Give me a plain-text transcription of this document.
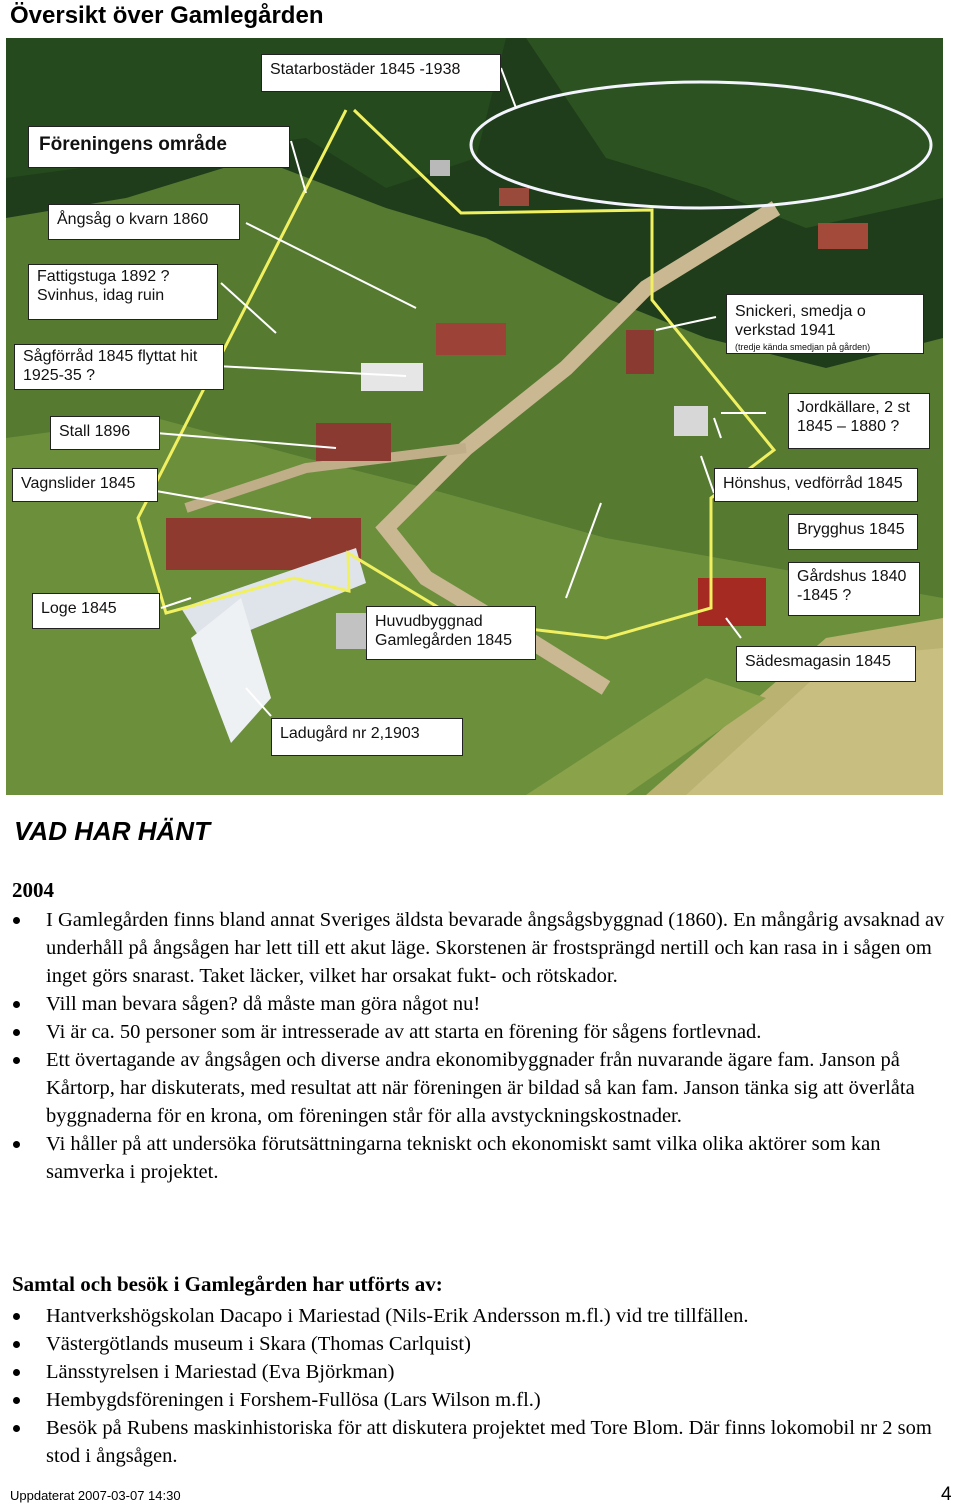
Översikt över Gamlegården
Statarbostäder 1845 -1938
Föreningens område
Ångsåg o kvarn 1860
Fattigstuga 1892 ?
Svinhus, idag ruin
Sågförråd 1845 flyttat hit
1925-35 ?
Stall 1896
Vagnslider 1845
Loge 1845
Huvudbyggnad
Gamlegården 1845
Ladugård nr 2,1903
Snickeri, smedja o
verkstad 1941
(tredje kända smedjan på gården)
Jordkällare, 2 st
1845 – 1880 ?
Hönshus, vedförråd 1845
Brygghus 1845
Gårdshus 1840
-1845 ?
Sädesmagasin 1845
VAD HAR HÄNT
2004
I Gamlegården finns bland annat Sveriges äldsta bevarade ångsågsbyggnad (1860). En mångårig avsaknad av underhåll på ångsågen har lett till ett akut läge. Skorstenen är frostsprängd nertill och kan rasa in i sågen om inget görs snarast. Taket läcker, vilket har orsakat fukt- och rötskador.
Vill man bevara sågen? då måste man göra något nu!
Vi är ca. 50 personer som är intresserade av att starta en förening för sågens fortlevnad.
Ett övertagande av ångsågen och diverse andra ekonomibyggnader från nuvarande ägare fam. Janson på Kårtorp, har diskuterats, med resultat att när föreningen är bildad så kan fam. Janson tänka sig att överlåta byggnaderna för en krona, om föreningen står för alla avstyckningskostnader.
Vi håller på att undersöka förutsättningarna tekniskt och ekonomiskt samt vilka olika aktörer som kan samverka i projektet.
Samtal och besök i Gamlegården har utförts av:
Hantverkshögskolan Dacapo i Mariestad (Nils-Erik Andersson m.fl.) vid tre tillfällen.
Västergötlands museum i Skara (Thomas Carlquist)
Länsstyrelsen i Mariestad (Eva Björkman)
Hembygdsföreningen i Forshem-Fullösa (Lars Wilson m.fl.)
Besök på Rubens maskinhistoriska för att diskutera projektet med Tore Blom. Där finns lokomobil nr 2 som stod i ångsågen.
Uppdaterat 2007-03-07 14:30	4
